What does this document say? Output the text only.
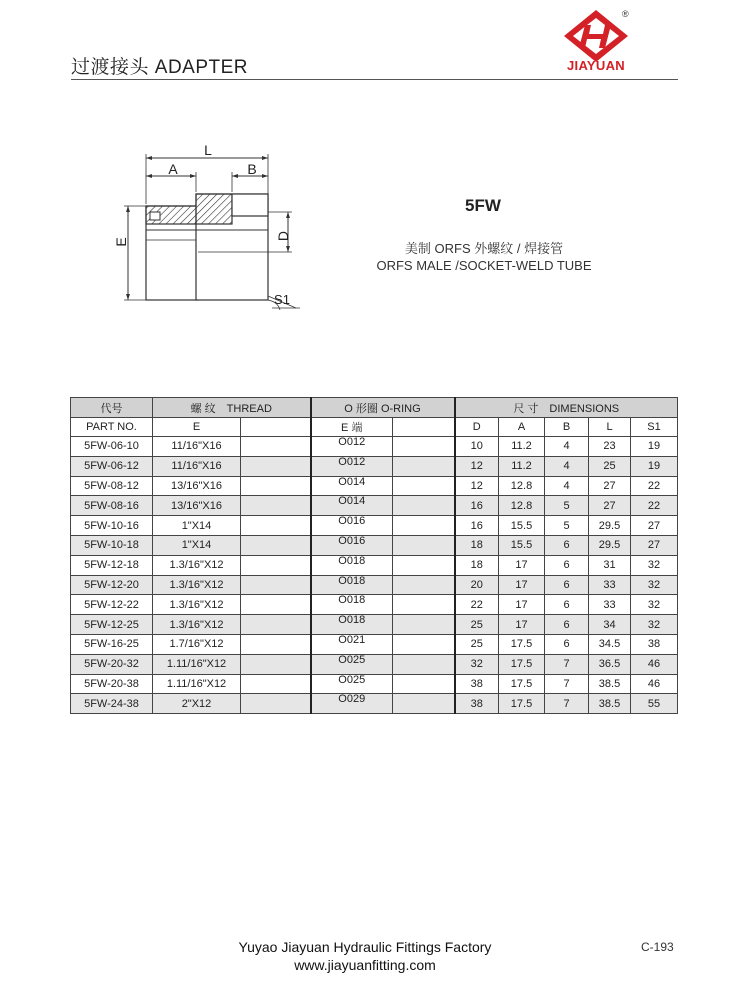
过渡接头 ADAPTER
®
JIAYUAN
L
A	B
E
D
S1
5FW
美制 ORFS 外螺纹 / 焊接管
ORFS MALE /SOCKET-WELD TUBE
代号	螺 纹　THREAD		O 形圈 O-RING		尺 寸　DIMENSIONS				
PART NO.	E		E 端		D	A	B	L	S1
5FW-06-10	11/16"X16		O012		10	11.2	4	23	19
5FW-06-12	11/16"X16		O012		12	11.2	4	25	19
5FW-08-12	13/16"X16		O014		12	12.8	4	27	22
5FW-08-16	13/16"X16		O014		16	12.8	5	27	22
5FW-10-16	1"X14		O016		16	15.5	5	29.5	27
5FW-10-18	1"X14		O016		18	15.5	6	29.5	27
5FW-12-18	1.3/16"X12		O018		18	17	6	31	32
5FW-12-20	1.3/16"X12		O018		20	17	6	33	32
5FW-12-22	1.3/16"X12		O018		22	17	6	33	32
5FW-12-25	1.3/16"X12		O018		25	17	6	34	32
5FW-16-25	1.7/16"X12		O021		25	17.5	6	34.5	38
5FW-20-32	1.11/16"X12		O025		32	17.5	7	36.5	46
5FW-20-38	1.11/16"X12		O025		38	17.5	7	38.5	46
5FW-24-38	2"X12		O029		38	17.5	7	38.5	55
Yuyao Jiayuan Hydraulic Fittings Factory
www.jiayuanfitting.com
C-193
